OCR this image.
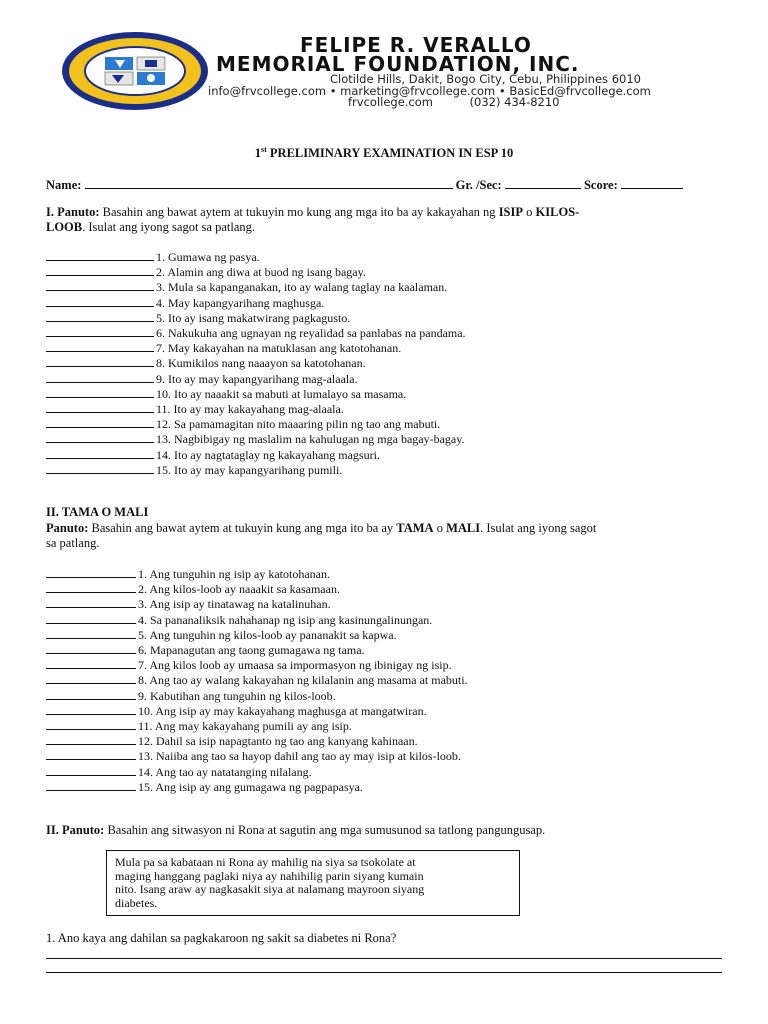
FELIPE R. VERALLO
MEMORIAL FOUNDATION, INC.
Clotilde Hills, Dakit, Bogo City, Cebu, Philippines 6010
info@frvcollege.com • marketing@frvcollege.com • BasicEd@frvcollege.com
frvcollege.com          (032) 434-8210
1st PRELIMINARY EXAMINATION IN ESP 10
Name:	Gr. /Sec:	Score:
I. Panuto: Basahin ang bawat aytem at tukuyin mo kung ang mga ito ba ay kakayahan ng ISIP o KILOS-
LOOB. Isulat ang iyong sagot sa patlang.
1. Gumawa ng pasya.
2. Alamin ang diwa at buod ng isang bagay.
3. Mula sa kapanganakan, ito ay walang taglay na kaalaman.
4. May kapangyarihang maghusga.
5. Ito ay isang makatwirang pagkagusto.
6. Nakukuha ang ugnayan ng reyalidad sa panlabas na pandama.
7. May kakayahan na matuklasan ang katotohanan.
8. Kumikilos nang naaayon sa katotohanan.
9. Ito ay may kapangyarihang mag-alaala.
10. Ito ay naaakit sa mabuti at lumalayo sa masama.
11. Ito ay may kakayahang mag-alaala.
12. Sa pamamagitan nito maaaring pilin ng tao ang mabuti.
13. Nagbibigay ng maslalim na kahulugan ng mga bagay-bagay.
14. Ito ay nagtataglay ng kakayahang magsuri.
15. Ito ay may kapangyarihang pumili.
II. TAMA O MALI
Panuto: Basahin ang bawat aytem at tukuyin kung ang mga ito ba ay TAMA o MALI. Isulat ang iyong sagot
sa patlang.
1. Ang tunguhin ng isip ay katotohanan.
2. Ang kilos-loob ay naaakit sa kasamaan.
3. Ang isip ay tinatawag na katalinuhan.
4. Sa pananaliksik nahahanap ng isip ang kasinungalinungan.
5. Ang tunguhin ng kilos-loob ay pananakit sa kapwa.
6. Mapanagutan ang taong gumagawa ng tama.
7. Ang kilos loob ay umaasa sa impormasyon ng ibinigay ng isip.
8. Ang tao ay walang kakayahan ng kilalanin ang masama at mabuti.
9. Kabutihan ang tunguhin ng kilos-loob.
10. Ang isip ay may kakayahang maghusga at mangatwiran.
11. Ang may kakayahang pumili ay ang isip.
12. Dahil sa isip napagtanto ng tao ang kanyang kahinaan.
13. Naiiba ang tao sa hayop dahil ang tao ay may isip at kilos-loob.
14. Ang tao ay natatanging nilalang.
15. Ang isip ay ang gumagawa ng pagpapasya.
II. Panuto: Basahin ang sitwasyon ni Rona at sagutin ang mga sumusunod sa tatlong pangungusap.
Mula pa sa kabataan ni Rona ay mahilig na siya sa tsokolate at
maging hanggang paglaki niya ay nahihilig parin siyang kumain
nito. Isang araw ay nagkasakit siya at nalamang mayroon siyang
diabetes.
1. Ano kaya ang dahilan sa pagkakaroon ng sakit sa diabetes ni Rona?
